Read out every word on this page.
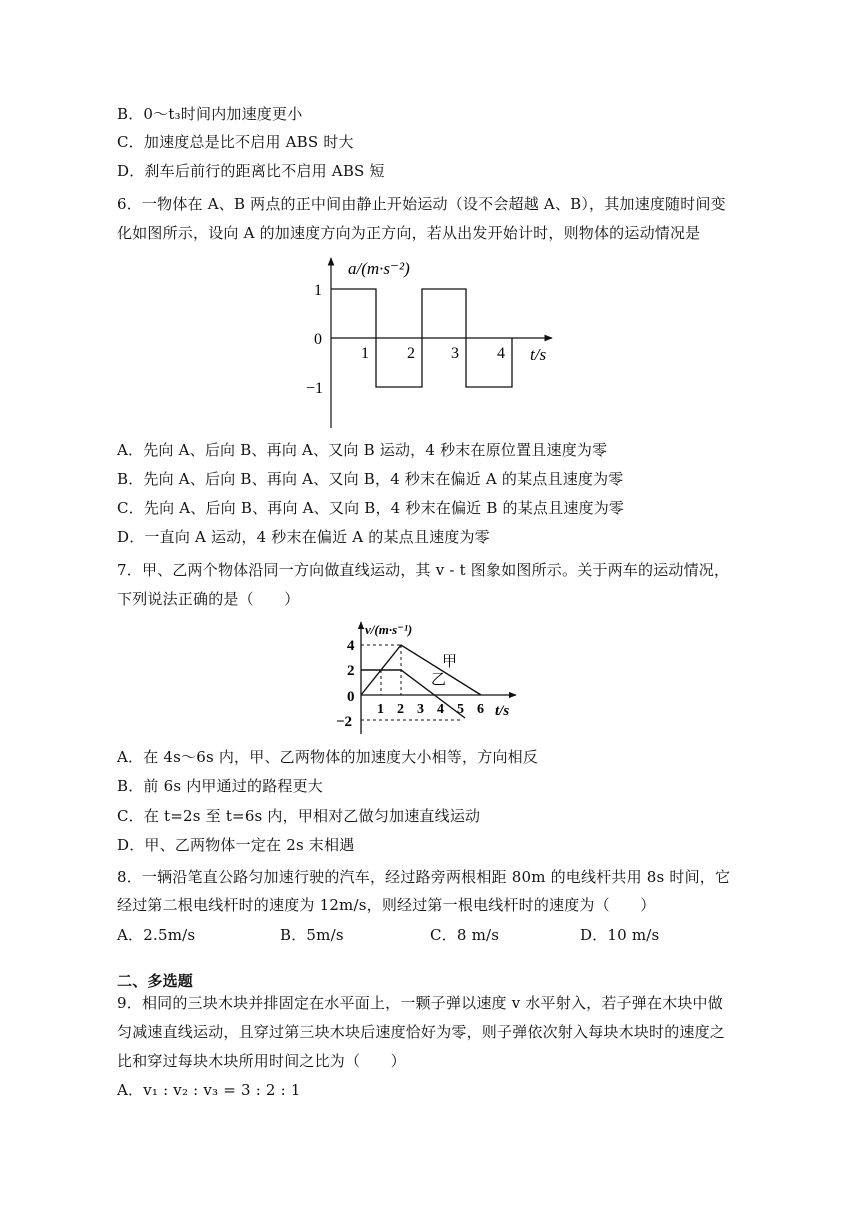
B．0～t₃时间内加速度更小
C．加速度总是比不启用 ABS 时大
D．刹车后前行的距离比不启用 ABS 短
6．一物体在 A、B 两点的正中间由静止开始运动（设不会超越 A、B），其加速度随时间变
化如图所示，设向 A 的加速度方向为正方向，若从出发开始计时，则物体的运动情况是
a/(m·s⁻²)
1
0
−1
1 2 3 4 t/s
A．先向 A、后向 B、再向 A、又向 B 运动，4 秒末在原位置且速度为零
B．先向 A、后向 B、再向 A、又向 B，4 秒末在偏近 A 的某点且速度为零
C．先向 A、后向 B、再向 A、又向 B，4 秒末在偏近 B 的某点且速度为零
D．一直向 A 运动，4 秒末在偏近 A 的某点且速度为零
7．甲、乙两个物体沿同一方向做直线运动，其 v - t 图象如图所示。关于两车的运动情况，
下列说法正确的是（　　）
v/(m·s⁻¹)
4
2
0
−2
1 2 3 4 5 6 t/s
甲
乙
A．在 4s～6s 内，甲、乙两物体的加速度大小相等，方向相反
B．前 6s 内甲通过的路程更大
C．在 t=2s 至 t=6s 内，甲相对乙做匀加速直线运动
D．甲、乙两物体一定在 2s 末相遇
8．一辆沿笔直公路匀加速行驶的汽车，经过路旁两根相距 80m 的电线杆共用 8s 时间，它
经过第二根电线杆时的速度为 12m/s，则经过第一根电线杆时的速度为（　　）
A．2.5m/s	B．5m/s	C．8 m/s	D．10 m/s
二、多选题
9．相同的三块木块并排固定在水平面上，一颗子弹以速度 v 水平射入，若子弹在木块中做
匀减速直线运动，且穿过第三块木块后速度恰好为零，则子弹依次射入每块木块时的速度之
比和穿过每块木块所用时间之比为（　　）
A．v₁ : v₂ : v₃ = 3 : 2 : 1
